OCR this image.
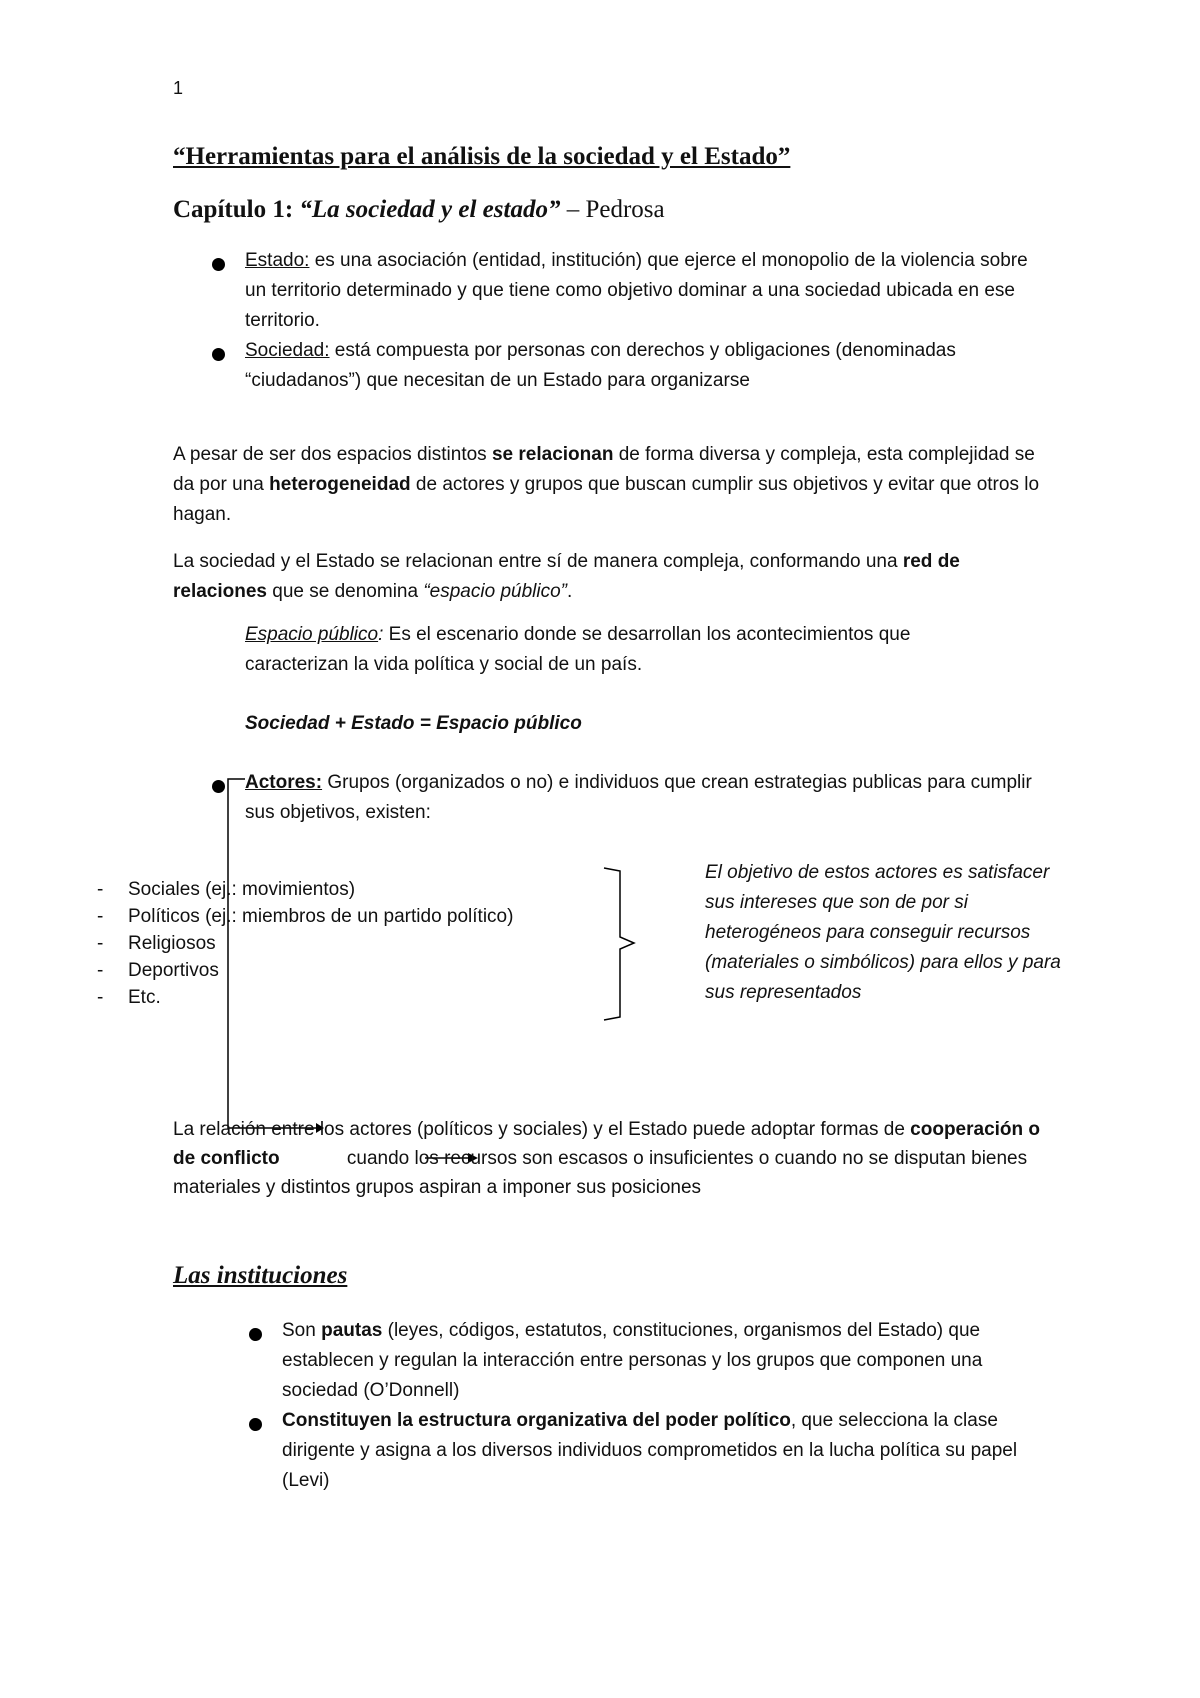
1
“Herramientas para el análisis de la sociedad y el Estado”
Capítulo 1: “La sociedad y el estado” – Pedrosa
Estado: es una asociación (entidad, institución) que ejerce el monopolio de la violencia sobre un territorio determinado y que tiene como objetivo dominar a una sociedad ubicada en ese territorio.
Sociedad: está compuesta por personas con derechos y obligaciones (denominadas “ciudadanos”) que necesitan de un Estado para organizarse
A pesar de ser dos espacios distintos se relacionan de forma diversa y compleja, esta complejidad se da por una heterogeneidad de actores y grupos que buscan cumplir sus objetivos y evitar que otros lo hagan.
La sociedad y el Estado se relacionan entre sí de manera compleja, conformando una red de relaciones que se denomina “espacio público”.
Espacio público: Es el escenario donde se desarrollan los acontecimientos que caracterizan la vida política y social de un país.
Sociedad + Estado = Espacio público
Actores: Grupos (organizados o no) e individuos que crean estrategias publicas para cumplir sus objetivos, existen:
- Sociales (ej.: movimientos)
- Políticos (ej.: miembros de un partido político)
- Religiosos
- Deportivos
- Etc.
El objetivo de estos actores es satisfacer sus intereses que son de por si heterogéneos para conseguir recursos (materiales o simbólicos) para ellos y para sus representados
La relación entre los actores (políticos y sociales) y el Estado puede adoptar formas de cooperación o de conflicto	cuando los recursos son escasos o insuficientes o cuando no se disputan bienes materiales y distintos grupos aspiran a imponer sus posiciones
Las instituciones
Son pautas (leyes, códigos, estatutos, constituciones, organismos del Estado) que establecen y regulan la interacción entre personas y los grupos que componen una sociedad (O’Donnell)
Constituyen la estructura organizativa del poder político, que selecciona la clase dirigente y asigna a los diversos individuos comprometidos en la lucha política su papel (Levi)
